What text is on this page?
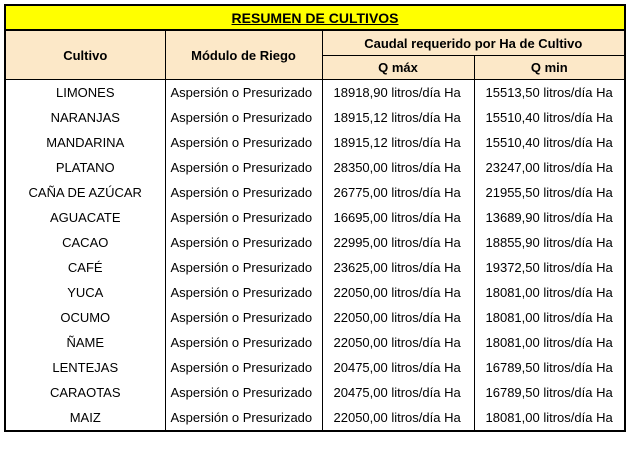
RESUMEN DE CULTIVOS			
Cultivo	Módulo de Riego	Caudal requerido por Ha de Cultivo	
		Q máx	Q min
LIMONES	Aspersión o Presurizado	18918,90 litros/día Ha	15513,50 litros/día Ha
NARANJAS	Aspersión o Presurizado	18915,12 litros/día Ha	15510,40 litros/día Ha
MANDARINA	Aspersión o Presurizado	18915,12 litros/día Ha	15510,40 litros/día Ha
PLATANO	Aspersión o Presurizado	28350,00 litros/día Ha	23247,00 litros/día Ha
CAÑA DE AZÚCAR	Aspersión o Presurizado	26775,00 litros/día Ha	21955,50 litros/día Ha
AGUACATE	Aspersión o Presurizado	16695,00 litros/día Ha	13689,90 litros/día Ha
CACAO	Aspersión o Presurizado	22995,00 litros/día Ha	18855,90 litros/día Ha
CAFÉ	Aspersión o Presurizado	23625,00 litros/día Ha	19372,50 litros/día Ha
YUCA	Aspersión o Presurizado	22050,00 litros/día Ha	18081,00 litros/día Ha
OCUMO	Aspersión o Presurizado	22050,00 litros/día Ha	18081,00 litros/día Ha
ÑAME	Aspersión o Presurizado	22050,00 litros/día Ha	18081,00 litros/día Ha
LENTEJAS	Aspersión o Presurizado	20475,00 litros/día Ha	16789,50 litros/día Ha
CARAOTAS	Aspersión o Presurizado	20475,00 litros/día Ha	16789,50 litros/día Ha
MAIZ	Aspersión o Presurizado	22050,00 litros/día Ha	18081,00 litros/día Ha
